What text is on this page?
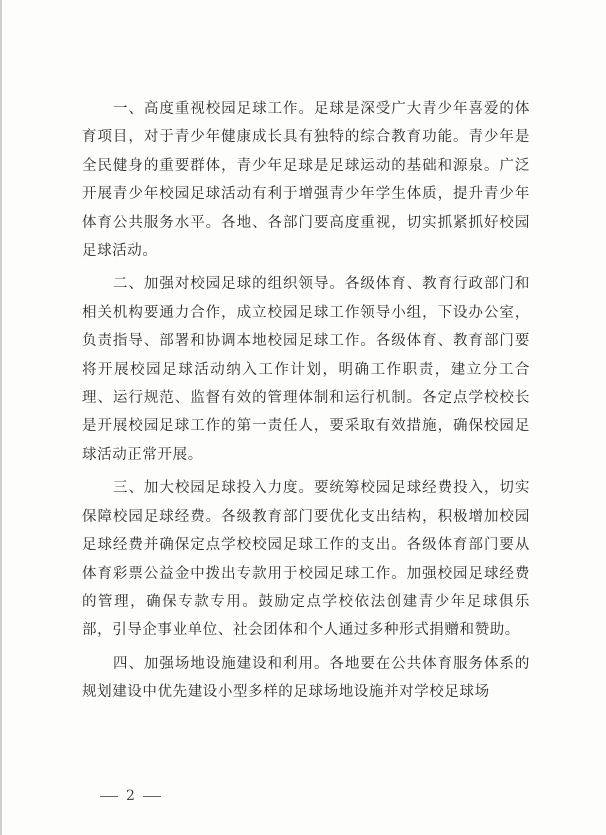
一、高度重视校园足球工作。足球是深受广大青少年喜爱的体育项目，对于青少年健康成长具有独特的综合教育功能。青少年是全民健身的重要群体，青少年足球是足球运动的基础和源泉。广泛开展青少年校园足球活动有利于增强青少年学生体质，提升青少年体育公共服务水平。各地、各部门要高度重视，切实抓紧抓好校园足球活动。

二、加强对校园足球的组织领导。各级体育、教育行政部门和相关机构要通力合作，成立校园足球工作领导小组，下设办公室，负责指导、部署和协调本地校园足球工作。各级体育、教育部门要将开展校园足球活动纳入工作计划，明确工作职责，建立分工合理、运行规范、监督有效的管理体制和运行机制。各定点学校校长是开展校园足球工作的第一责任人，要采取有效措施，确保校园足球活动正常开展。

三、加大校园足球投入力度。要统筹校园足球经费投入，切实保障校园足球经费。各级教育部门要优化支出结构，积极增加校园足球经费并确保定点学校校园足球工作的支出。各级体育部门要从体育彩票公益金中拨出专款用于校园足球工作。加强校园足球经费的管理，确保专款专用。鼓励定点学校依法创建青少年足球俱乐部，引导企事业单位、社会团体和个人通过多种形式捐赠和赞助。

四、加强场地设施建设和利用。各地要在公共体育服务体系的规划建设中优先建设小型多样的足球场地设施并对学校足球场

2
